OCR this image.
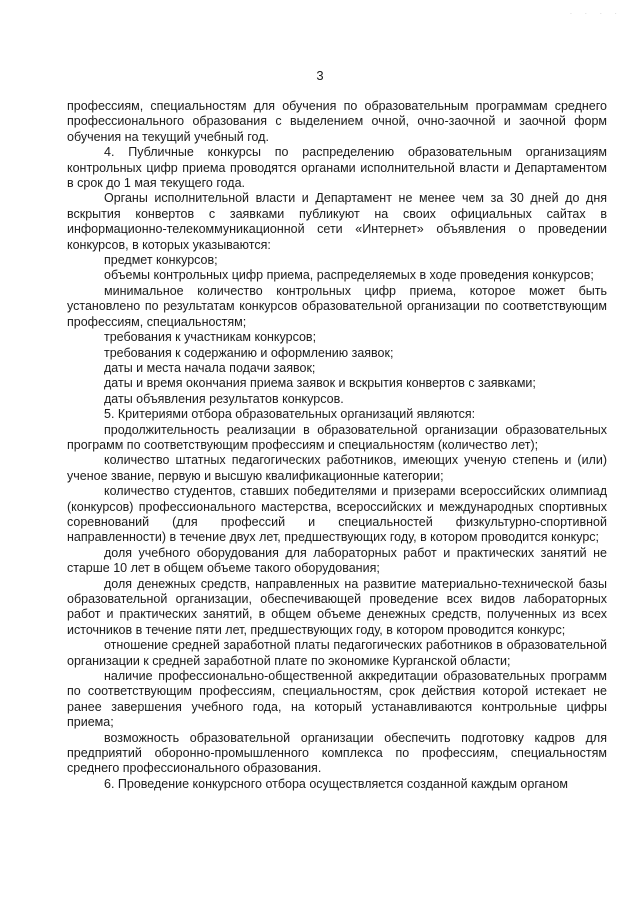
· · · ·
3

профессиям, специальностям для обучения по образовательным программам среднего профессионального образования с выделением очной, очно-заочной и заочной форм обучения на текущий учебный год.

4. Публичные конкурсы по распределению образовательным организациям контрольных цифр приема проводятся органами исполнительной власти и Департаментом в срок до 1 мая текущего года.

Органы исполнительной власти и Департамент не менее чем за 30 дней до дня вскрытия конвертов с заявками публикуют на своих официальных сайтах в информационно-телекоммуникационной сети «Интернет» объявления о проведении конкурсов, в которых указываются:

предмет конкурсов;

объемы контрольных цифр приема, распределяемых в ходе проведения конкурсов;

минимальное количество контрольных цифр приема, которое может быть установлено по результатам конкурсов образовательной организации по соответствующим профессиям, специальностям;

требования к участникам конкурсов;

требования к содержанию и оформлению заявок;

даты и места начала подачи заявок;

даты и время окончания приема заявок и вскрытия конвертов с заявками;

даты объявления результатов конкурсов.

5. Критериями отбора образовательных организаций являются:

продолжительность реализации в образовательной организации образовательных программ по соответствующим профессиям и специальностям (количество лет);

количество штатных педагогических работников, имеющих ученую степень и (или) ученое звание, первую и высшую квалификационные категории;

количество студентов, ставших победителями и призерами всероссийских олимпиад (конкурсов) профессионального мастерства, всероссийских и международных спортивных соревнований (для профессий и специальностей физкультурно-спортивной направленности) в течение двух лет, предшествующих году, в котором проводится конкурс;

доля учебного оборудования для лабораторных работ и практических занятий не старше 10 лет в общем объеме такого оборудования;

доля денежных средств, направленных на развитие материально-технической базы образовательной организации, обеспечивающей проведение всех видов лабораторных работ и практических занятий, в общем объеме денежных средств, полученных из всех источников в течение пяти лет, предшествующих году, в котором проводится конкурс;

отношение средней заработной платы педагогических работников в образовательной организации к средней заработной плате по экономике Курганской области;

наличие профессионально-общественной аккредитации образовательных программ по соответствующим профессиям, специальностям, срок действия которой истекает не ранее завершения учебного года, на который устанавливаются контрольные цифры приема;

возможность образовательной организации обеспечить подготовку кадров для предприятий оборонно-промышленного комплекса по профессиям, специальностям среднего профессионального образования.

6. Проведение конкурсного отбора осуществляется созданной каждым органом
